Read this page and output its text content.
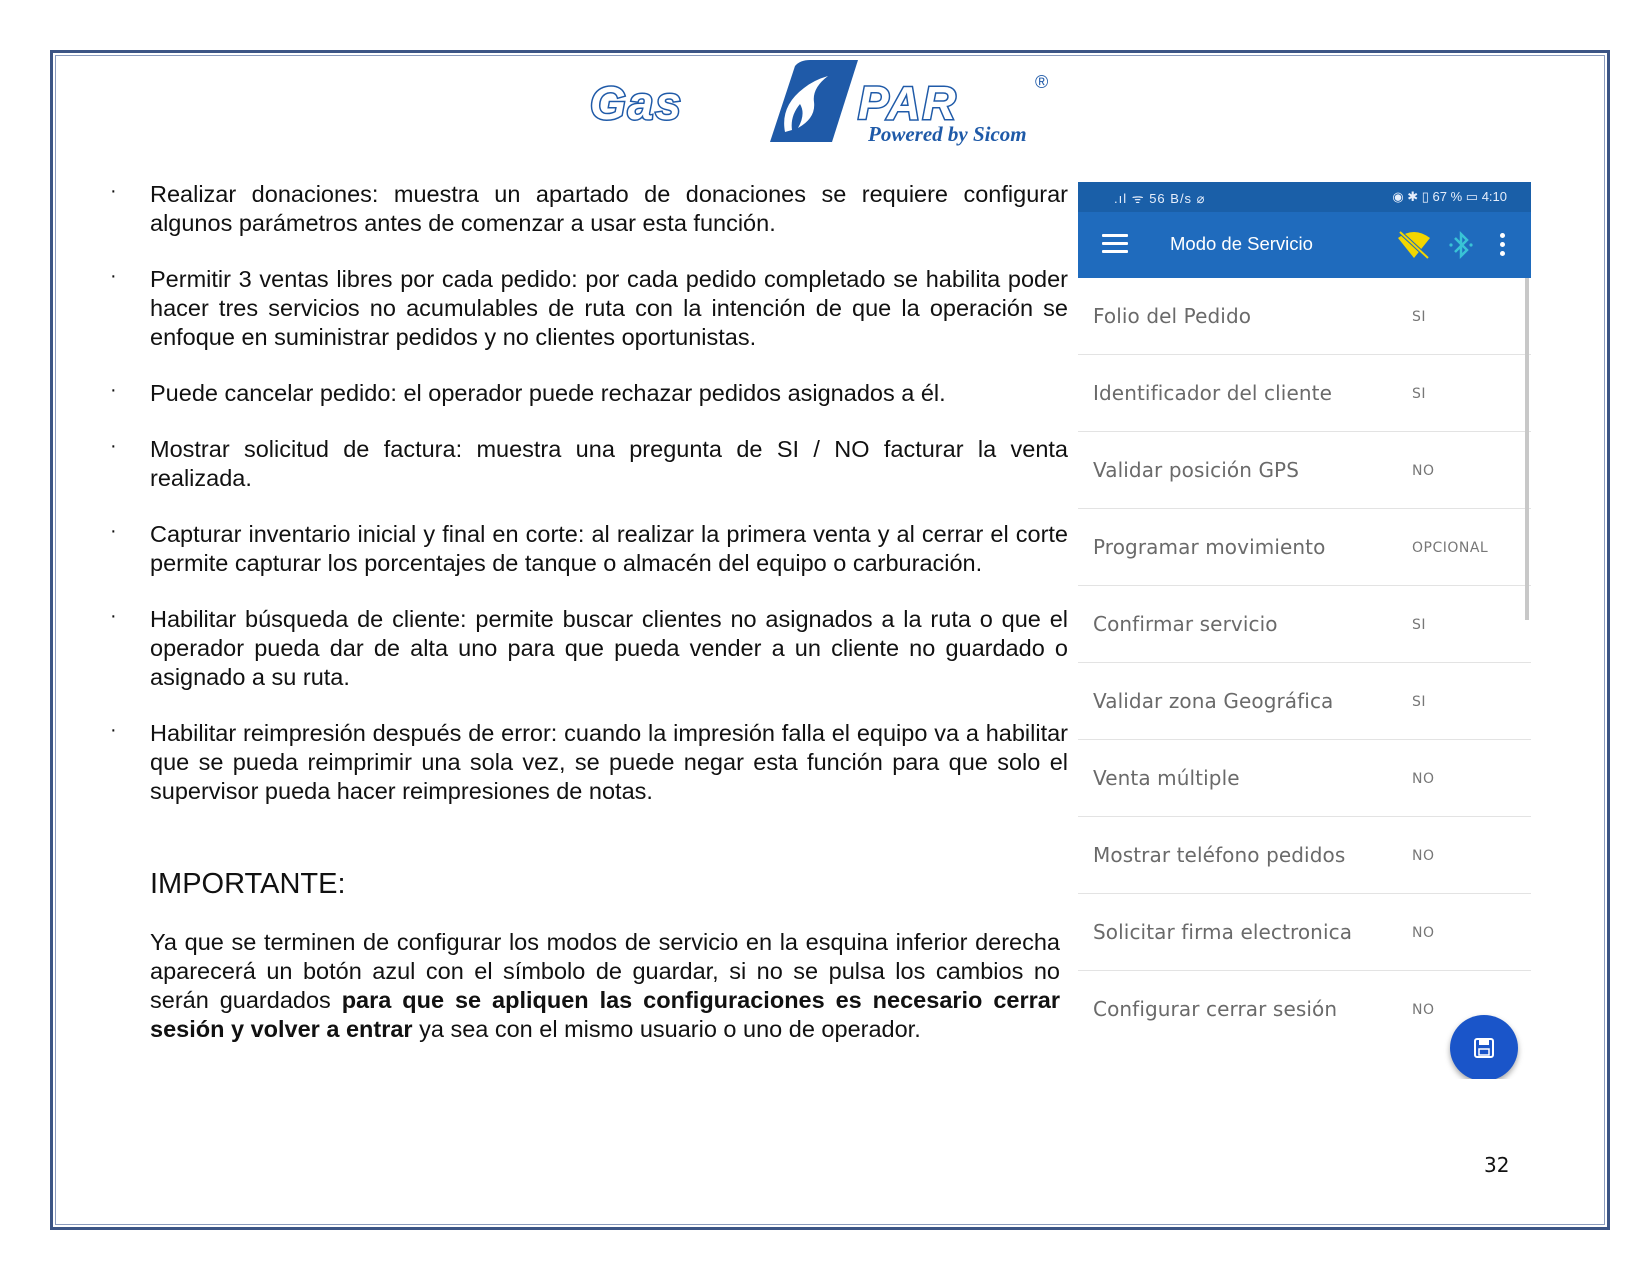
Gas	PAR	®
Powered by Sicom
· Realizar donaciones: muestra un apartado de donaciones se requiere configurar algunos parámetros antes de comenzar a usar esta función.
· Permitir 3 ventas libres por cada pedido: por cada pedido completado se habilita poder hacer tres servicios no acumulables de ruta con la intención de que la operación se enfoque en suministrar pedidos y no clientes oportunistas.
· Puede cancelar pedido: el operador puede rechazar pedidos asignados a él.
· Mostrar solicitud de factura: muestra una pregunta de SI / NO facturar la venta realizada.
· Capturar inventario inicial y final en corte: al realizar la primera venta y al cerrar el corte permite capturar los porcentajes de tanque o almacén del equipo o carburación.
· Habilitar búsqueda de cliente: permite buscar clientes no asignados a la ruta o que el operador pueda dar de alta uno para que pueda vender a un cliente no guardado o asignado a su ruta.
· Habilitar reimpresión después de error: cuando la impresión falla el equipo va a habilitar que se pueda reimprimir una sola vez, se puede negar esta función para que solo el supervisor pueda hacer reimpresiones de notas.
IMPORTANTE:
Ya que se terminen de configurar los modos de servicio en la esquina inferior derecha aparecerá un botón azul con el símbolo de guardar, si no se pulsa los cambios no serán guardados para que se apliquen las configuraciones es necesario cerrar sesión y volver a entrar ya sea con el mismo usuario o uno de operador.
.ıl ᯤ 56 B/s ⌀	◉ ✱ ▯ 67 % ▭ 4:10
Modo de Servicio
Folio del Pedido	SI
Identificador del cliente	SI
Validar posición GPS	NO
Programar movimiento	OPCIONAL
Confirmar servicio	SI
Validar zona Geográfica	SI
Venta múltiple	NO
Mostrar teléfono pedidos	NO
Solicitar firma electronica	NO
Configurar cerrar sesión	NO
32
